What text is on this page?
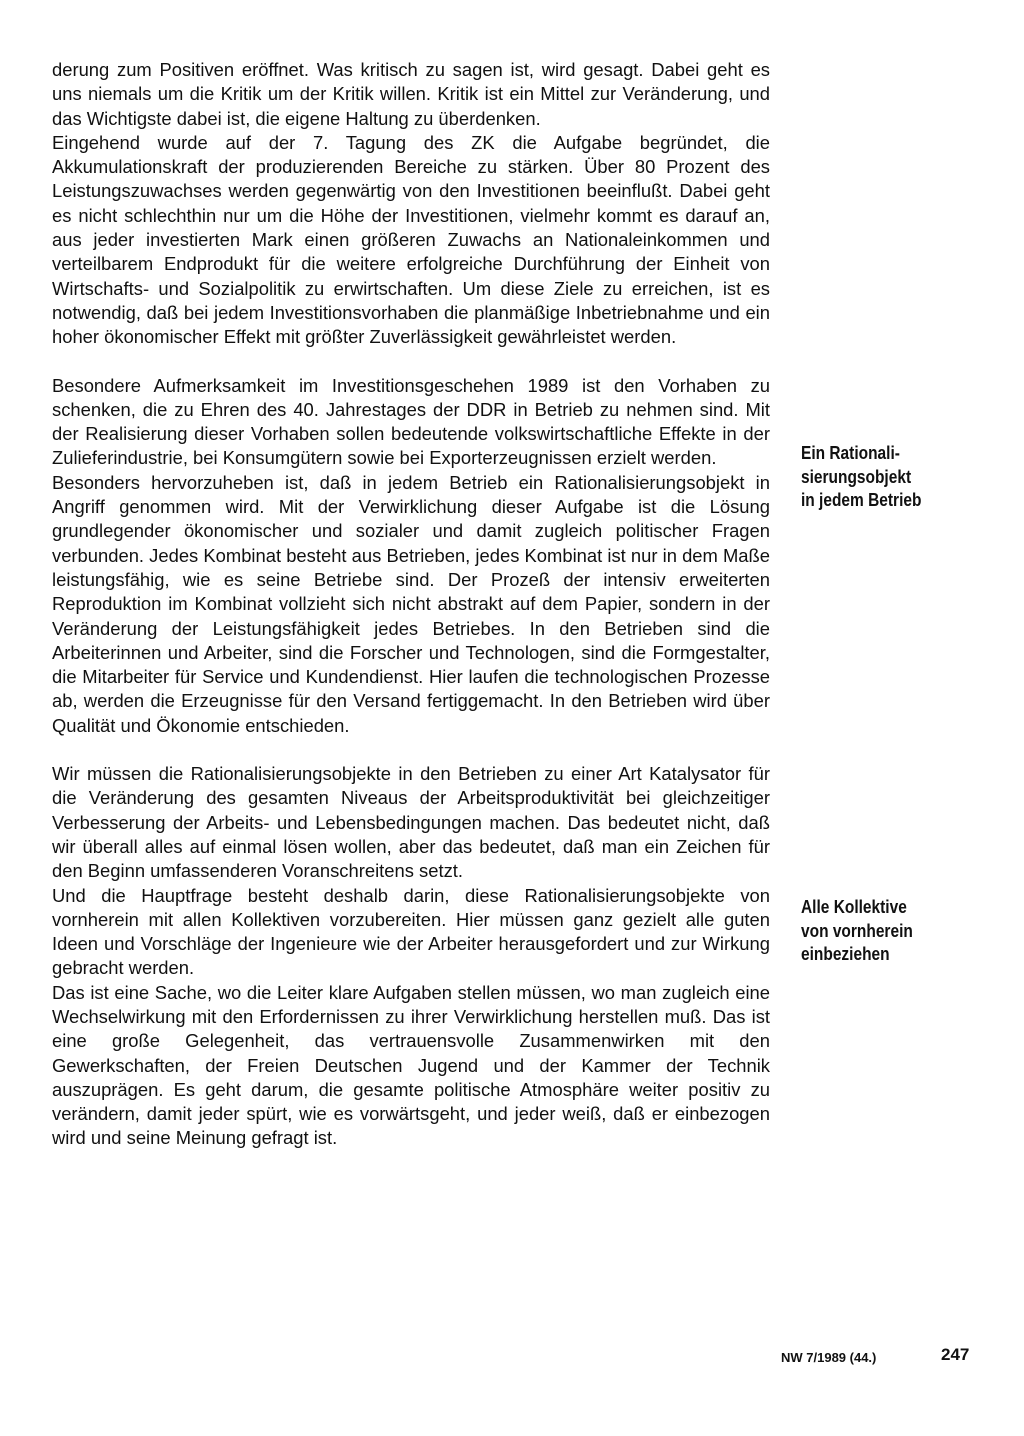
derung zum Positiven eröffnet. Was kritisch zu sagen ist, wird gesagt. Dabei geht es uns niemals um die Kritik um der Kritik willen. Kritik ist ein Mittel zur Veränderung, und das Wichtigste dabei ist, die eigene Haltung zu überdenken.

Eingehend wurde auf der 7. Tagung des ZK die Aufgabe begründet, die Akkumulationskraft der produzierenden Bereiche zu stärken. Über 80 Prozent des Leistungszuwachses werden gegenwärtig von den Investitionen beeinflußt. Dabei geht es nicht schlechthin nur um die Höhe der Investitionen, vielmehr kommt es darauf an, aus jeder investierten Mark einen größeren Zuwachs an Nationaleinkommen und verteilbarem Endprodukt für die weitere erfolgreiche Durchführung der Einheit von Wirtschafts- und Sozialpolitik zu erwirtschaften. Um diese Ziele zu erreichen, ist es notwendig, daß bei jedem Investitionsvorhaben die planmäßige Inbetriebnahme und ein hoher ökonomischer Effekt mit größter Zuverlässigkeit gewährleistet werden.

Besondere Aufmerksamkeit im Investitionsgeschehen 1989 ist den Vorhaben zu schenken, die zu Ehren des 40. Jahrestages der DDR in Betrieb zu nehmen sind. Mit der Realisierung dieser Vorhaben sollen bedeutende volkswirtschaftliche Effekte in der Zulieferindustrie, bei Konsumgütern sowie bei Exporterzeugnissen erzielt werden.

Besonders hervorzuheben ist, daß in jedem Betrieb ein Rationalisierungsobjekt in Angriff genommen wird. Mit der Verwirklichung dieser Aufgabe ist die Lösung grundlegender ökonomischer und sozialer und damit zugleich politischer Fragen verbunden. Jedes Kombinat besteht aus Betrieben, jedes Kombinat ist nur in dem Maße leistungsfähig, wie es seine Betriebe sind. Der Prozeß der intensiv erweiterten Reproduktion im Kombinat vollzieht sich nicht abstrakt auf dem Papier, sondern in der Veränderung der Leistungsfähigkeit jedes Betriebes. In den Betrieben sind die Arbeiterinnen und Arbeiter, sind die Forscher und Technologen, sind die Formgestalter, die Mitarbeiter für Service und Kundendienst. Hier laufen die technologischen Prozesse ab, werden die Erzeugnisse für den Versand fertiggemacht. In den Betrieben wird über Qualität und Ökonomie entschieden.

Wir müssen die Rationalisierungsobjekte in den Betrieben zu einer Art Katalysator für die Veränderung des gesamten Niveaus der Arbeitsproduktivität bei gleichzeitiger Verbesserung der Arbeits- und Lebensbedingungen machen. Das bedeutet nicht, daß wir überall alles auf einmal lösen wollen, aber das bedeutet, daß man ein Zeichen für den Beginn umfassenderen Voranschreitens setzt.

Und die Hauptfrage besteht deshalb darin, diese Rationalisierungsobjekte von vornherein mit allen Kollektiven vorzubereiten. Hier müssen ganz gezielt alle guten Ideen und Vorschläge der Ingenieure wie der Arbeiter herausgefordert und zur Wirkung gebracht werden.

Das ist eine Sache, wo die Leiter klare Aufgaben stellen müssen, wo man zugleich eine Wechselwirkung mit den Erfordernissen zu ihrer Verwirklichung herstellen muß. Das ist eine große Gelegenheit, das vertrauensvolle Zusammenwirken mit den Gewerkschaften, der Freien Deutschen Jugend und der Kammer der Technik auszuprägen. Es geht darum, die gesamte politische Atmosphäre weiter positiv zu verändern, damit jeder spürt, wie es vorwärtsgeht, und jeder weiß, daß er einbezogen wird und seine Meinung gefragt ist.

Ein Rationali-
sierungsobjekt
in jedem Betrieb
Alle Kollektive
von vornherein
einbeziehen
NW 7/1989 (44.)	247
